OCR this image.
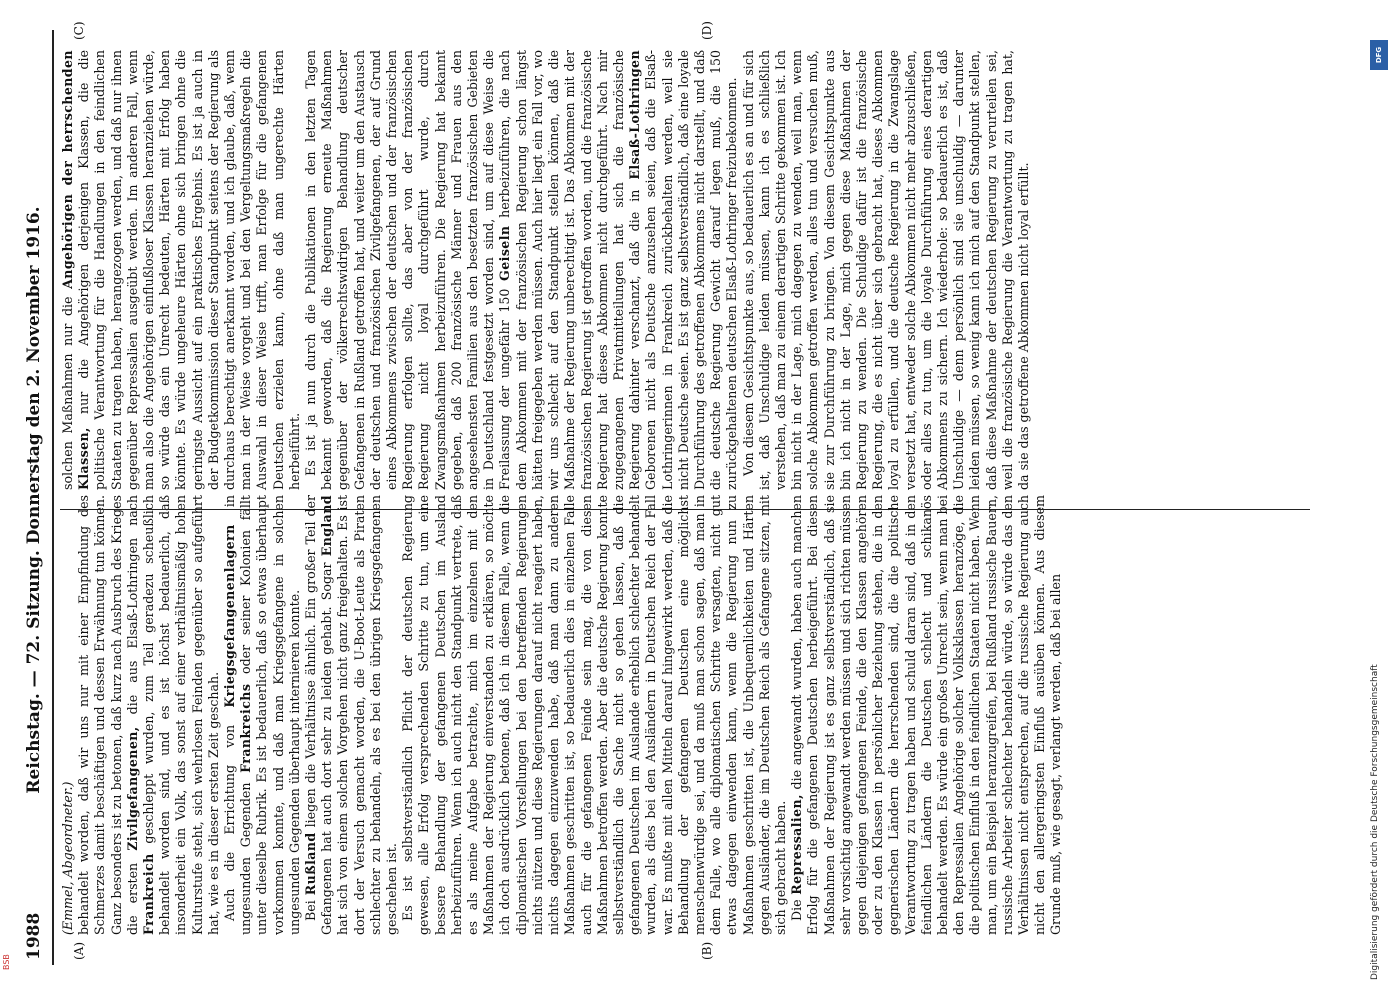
1988
Reichstag. — 72. Sitzung. Donnerstag den 2. November 1916.
(A)	(B)
(C)	(D)

(Emmel, Abgeordneter.) behandelt worden, daß wir uns nur mit einer Empfindung des Schmerzes damit beschäftigen und dessen Erwähnung tun können. Ganz besonders ist zu betonen, daß kurz nach Ausbruch des Krieges die ersten Zivilgefangenen, die aus Elsaß-Lothringen nach Frankreich geschleppt wurden, zum Teil geradezu scheußlich behandelt worden sind, und es ist höchst bedauerlich, daß insonderheit ein Volk, das sonst auf einer verhältnismäßig hohen Kulturstufe steht, sich wehrlosen Feinden gegenüber so aufgeführt hat, wie es in dieser ersten Zeit geschah. Auch die Errichtung von Kriegsgefangenenlagern in ungesunden Gegenden Frankreichs oder seiner Kolonien fällt unter dieselbe Rubrik. Es ist bedauerlich, daß so etwas überhaupt vorkommen konnte, und daß man Kriegsgefangene in solchen ungesunden Gegenden überhaupt internieren konnte. Bei Rußland liegen die Verhältnisse ähnlich. Ein großer Teil der Gefangenen hat auch dort sehr zu leiden gehabt. Sogar England hat sich von einem solchen Vorgehen nicht ganz freigehalten. Es ist dort der Versuch gemacht worden, die U-Boot-Leute als Piraten schlechter zu behandeln, als es bei den übrigen Kriegsgefangenen geschehen ist. Es ist selbstverständlich Pflicht der deutschen Regierung gewesen, alle Erfolg versprechenden Schritte zu tun, um eine bessere Behandlung der gefangenen Deutschen im Ausland herbeizuführen. Wenn ich auch nicht den Standpunkt vertrete, daß es als meine Aufgabe betrachte, mich im einzelnen mit den Maßnahmen der Regierung einverstanden zu erklären, so möchte ich doch ausdrücklich betonen, daß ich in diesem Falle, wenn die diplomatischen Vorstellungen bei den betreffenden Regierungen nichts nützen und diese Regierungen darauf nicht reagiert haben, nichts dagegen einzuwenden habe, daß man dann zu anderen Maßnahmen geschritten ist, so bedauerlich dies in einzelnen Falle auch für die gefangenen Feinde sein mag, die von diesen Maßnahmen betroffen werden. Aber die deutsche Regierung konnte selbstverständlich die Sache nicht so gehen lassen, daß die gefangenen Deutschen im Auslande erheblich schlechter behandelt wurden, als dies bei den Ausländern in Deutschen Reich der Fall war. Es mußte mit allen Mitteln darauf hingewirkt werden, daß die Behandlung der gefangenen Deutschen eine möglichst menschenwürdige sei, und da muß man schon sagen, daß man in dem Falle, wo alle diplomatischen Schritte versagten, nicht gut etwas dagegen einwenden kann, wenn die Regierung nun zu Maßnahmen geschritten ist, die Unbequemlichkeiten und Härten gegen Ausländer, die im Deutschen Reich als Gefangene sitzen, mit sich gebracht haben. Die Repressalien, die angewandt wurden, haben auch manchen Erfolg für die gefangenen Deutschen herbeigeführt. Bei diesen Maßnahmen der Regierung ist es ganz selbstverständlich, daß sie sehr vorsichtig angewandt werden müssen und sich richten müssen gegen diejenigen gefangenen Feinde, die den Klassen angehören oder zu den Klassen in persönlicher Beziehung stehen, die in den gegnerischen Ländern die herrschenden sind, die die politische Verantwortung zu tragen haben und schuld daran sind, daß in den feindlichen Ländern die Deutschen schlecht und schikanös behandelt werden. Es würde ein großes Unrecht sein, wenn man bei den Repressalien Angehörige solcher Volksklassen heranzöge, die die politischen Einfluß in den feindlichen Staaten nicht haben. Wenn man, um ein Beispiel heranzugreifen, bei Rußland russische Bauern, russische Arbeiter schlechter behandeln würde, so würde das den Verhältnissen nicht entsprechen, auf die russische Regierung auch nicht den allergeringsten Einfluß ausüben können. Aus diesem Grunde muß, wie gesagt, verlangt werden, daß bei allen

solchen Maßnahmen nur die Angehörigen der herrschenden Klassen, nur die Angehörigen derjenigen Klassen, die die politische Verantwortung für die Handlungen in den feindlichen Staaten zu tragen haben, herangezogen werden, und daß nur ihnen gegenüber Repressalien ausgeübt werden. Im anderen Fall, wenn man also die Angehörigen einflußloser Klassen heranziehen würde, so würde das ein Unrecht bedeuten, Härten mit Erfolg haben könnte. Es würde ungeheure Härten ohne sich bringen ohne die geringste Aussicht auf ein praktisches Ergebnis. Es ist ja auch in der Budgetkommission dieser Standpunkt seitens der Regierung als durchaus berechtigt anerkannt worden, und ich glaube, daß, wenn man in der Weise vorgeht und bei den Vergeltungsmaßregeln die Auswahl in dieser Weise trifft, man Erfolge für die gefangenen Deutschen erzielen kann, ohne daß man ungerechte Härten herbeiführt. Es ist ja nun durch die Publikationen in den letzten Tagen bekannt geworden, daß die Regierung erneute Maßnahmen gegenüber der völkerrechtswidrigen Behandlung deutscher Gefangenen in Rußland getroffen hat, und weiter um den Austausch der deutschen und französischen Zivilgefangenen, der auf Grund eines Abkommens zwischen der deutschen und der französischen Regierung erfolgen sollte, das aber von der französischen Regierung nicht loyal durchgeführt wurde, durch Zwangsmaßnahmen herbeizuführen. Die Regierung hat bekannt gegeben, daß 200 französische Männer und Frauen aus den angesehensten Familien aus den besetzten französischen Gebieten in Deutschland festgesetzt worden sind, um auf diese Weise die Freilassung der ungefähr 150 Geiseln herbeizuführen, die nach dem Abkommen mit der französischen Regierung schon längst hätten freigegeben werden müssen. Auch hier liegt ein Fall vor, wo wir uns schlecht auf den Standpunkt stellen können, daß die Maßnahme der Regierung unberechtigt ist. Das Abkommen mit der französischen Regierung ist getroffen worden, und die französische Regierung hat dieses Abkommen nicht durchgeführt. Nach mir zugegangenen Privatmitteilungen hat sich die französische Regierung dahinter verschanzt, daß die in Elsaß-Lothringen Geborenen nicht als Deutsche anzusehen seien, daß die Elsaß-Lothringerinnen in Frankreich zurückbehalten werden, weil sie nicht Deutsche seien. Es ist ganz selbstverständlich, daß eine loyale Durchführung des getroffenen Abkommens nicht darstellt, und daß die deutsche Regierung Gewicht darauf legen muß, die 150 zurückgehaltenen deutschen Elsaß-Lothringer freizubekommen. Von diesem Gesichtspunkte aus, so bedauerlich es an und für sich ist, daß Unschuldige leiden müssen, kann ich es schließlich verstehen, daß man zu einem derartigen Schritte gekommen ist. Ich bin nicht in der Lage, mich dagegen zu wenden, weil man, wenn solche Abkommen getroffen werden, alles tun und versuchen muß, sie zur Durchführung zu bringen. Von diesem Gesichtspunkte aus bin ich nicht in der Lage, mich gegen diese Maßnahmen der Regierung zu wenden. Die Schuldige dafür ist die französische Regierung, die es nicht über sich gebracht hat, dieses Abkommen loyal zu erfüllen, und die deutsche Regierung in die Zwangslage versetzt hat, entweder solche Abkommen nicht mehr abzuschließen, oder alles zu tun, um die loyale Durchführung eines derartigen Abkommens zu sichern. Ich wiederhole: so bedauerlich es ist, daß Unschuldige — denn persönlich sind sie unschuldig — darunter leiden müssen, so wenig kann ich mich auf den Standpunkt stellen, daß diese Maßnahme der deutschen Regierung zu verurteilen sei, weil die französische Regierung die Verantwortung zu tragen hat, da sie das getroffene Abkommen nicht loyal erfüllt.

BSB
DFG
Digitalisierung gefördert durch die Deutsche Forschungsgemeinschaft
